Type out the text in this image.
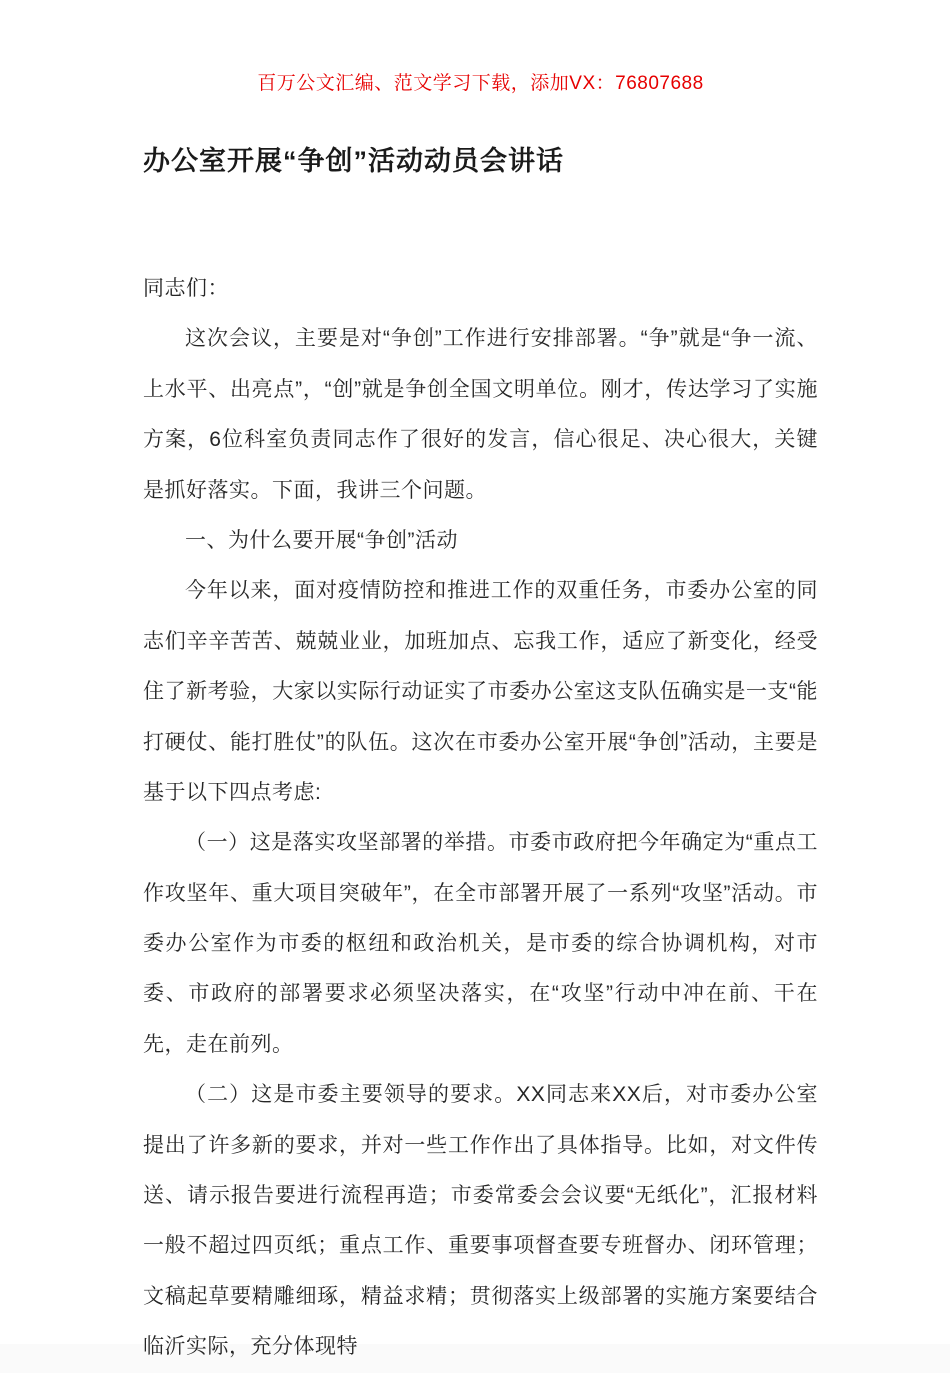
百万公文汇编、范文学习下载，添加VX：76807688
办公室开展“争创”活动动员会讲话

同志们：

这次会议，主要是对“争创”工作进行安排部署。“争”就是“争一流、上水平、出亮点”，“创”就是争创全国文明单位。刚才，传达学习了实施方案，6位科室负责同志作了很好的发言，信心很足、决心很大，关键是抓好落实。下面，我讲三个问题。

一、为什么要开展“争创”活动

今年以来，面对疫情防控和推进工作的双重任务，市委办公室的同志们辛辛苦苦、兢兢业业，加班加点、忘我工作，适应了新变化，经受住了新考验，大家以实际行动证实了市委办公室这支队伍确实是一支“能打硬仗、能打胜仗”的队伍。这次在市委办公室开展“争创”活动，主要是基于以下四点考虑:

（一）这是落实攻坚部署的举措。市委市政府把今年确定为“重点工作攻坚年、重大项目突破年”，在全市部署开展了一系列“攻坚”活动。市委办公室作为市委的枢纽和政治机关，是市委的综合协调机构，对市委、市政府的部署要求必须坚决落实，在“攻坚”行动中冲在前、干在先，走在前列。

（二）这是市委主要领导的要求。XX同志来XX后，对市委办公室提出了许多新的要求，并对一些工作作出了具体指导。比如，对文件传送、请示报告要进行流程再造；市委常委会会议要“无纸化”，汇报材料一般不超过四页纸；重点工作、重要事项督查要专班督办、闭环管理；文稿起草要精雕细琢，精益求精；贯彻落实上级部署的实施方案要结合临沂实际，充分体现特
